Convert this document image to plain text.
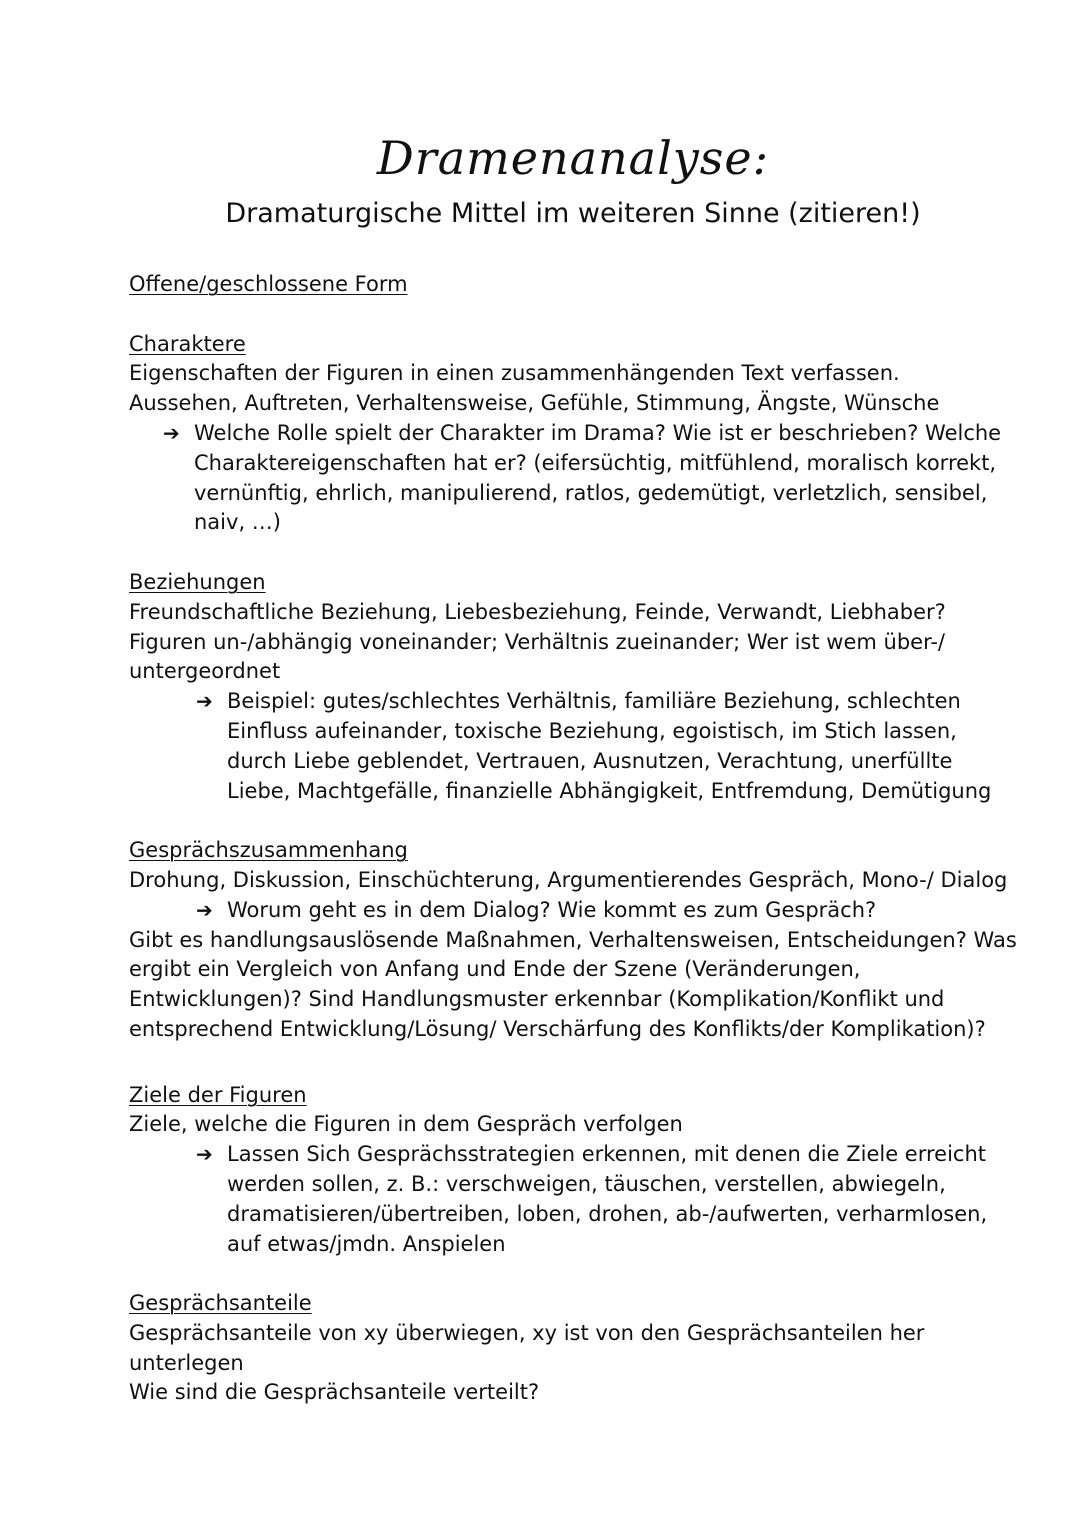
Dramenanalyse:
Dramaturgische Mittel im weiteren Sinne (zitieren!)
Offene/geschlossene Form
Charaktere
Eigenschaften der Figuren in einen zusammenhängenden Text verfassen.
Aussehen, Auftreten, Verhaltensweise, Gefühle, Stimmung, Ängste, Wünsche
➔ Welche Rolle spielt der Charakter im Drama? Wie ist er beschrieben? Welche
Charaktereigenschaften hat er? (eifersüchtig, mitfühlend, moralisch korrekt,
vernünftig, ehrlich, manipulierend, ratlos, gedemütigt, verletzlich, sensibel,
naiv, …)
Beziehungen
Freundschaftliche Beziehung, Liebesbeziehung, Feinde, Verwandt, Liebhaber?
Figuren un-/abhängig voneinander; Verhältnis zueinander; Wer ist wem über-/
untergeordnet
➔ Beispiel: gutes/schlechtes Verhältnis, familiäre Beziehung, schlechten
Einfluss aufeinander, toxische Beziehung, egoistisch, im Stich lassen,
durch Liebe geblendet, Vertrauen, Ausnutzen, Verachtung, unerfüllte
Liebe, Machtgefälle, finanzielle Abhängigkeit, Entfremdung, Demütigung
Gesprächszusammenhang
Drohung, Diskussion, Einschüchterung, Argumentierendes Gespräch, Mono-/ Dialog
➔ Worum geht es in dem Dialog? Wie kommt es zum Gespräch?
Gibt es handlungsauslösende Maßnahmen, Verhaltensweisen, Entscheidungen? Was
ergibt ein Vergleich von Anfang und Ende der Szene (Veränderungen,
Entwicklungen)? Sind Handlungsmuster erkennbar (Komplikation/Konflikt und
entsprechend Entwicklung/Lösung/ Verschärfung des Konflikts/der Komplikation)?
Ziele der Figuren
Ziele, welche die Figuren in dem Gespräch verfolgen
➔ Lassen Sich Gesprächsstrategien erkennen, mit denen die Ziele erreicht
werden sollen, z. B.: verschweigen, täuschen, verstellen, abwiegeln,
dramatisieren/übertreiben, loben, drohen, ab-/aufwerten, verharmlosen,
auf etwas/jmdn. Anspielen
Gesprächsanteile
Gesprächsanteile von xy überwiegen, xy ist von den Gesprächsanteilen her
unterlegen
Wie sind die Gesprächsanteile verteilt?
